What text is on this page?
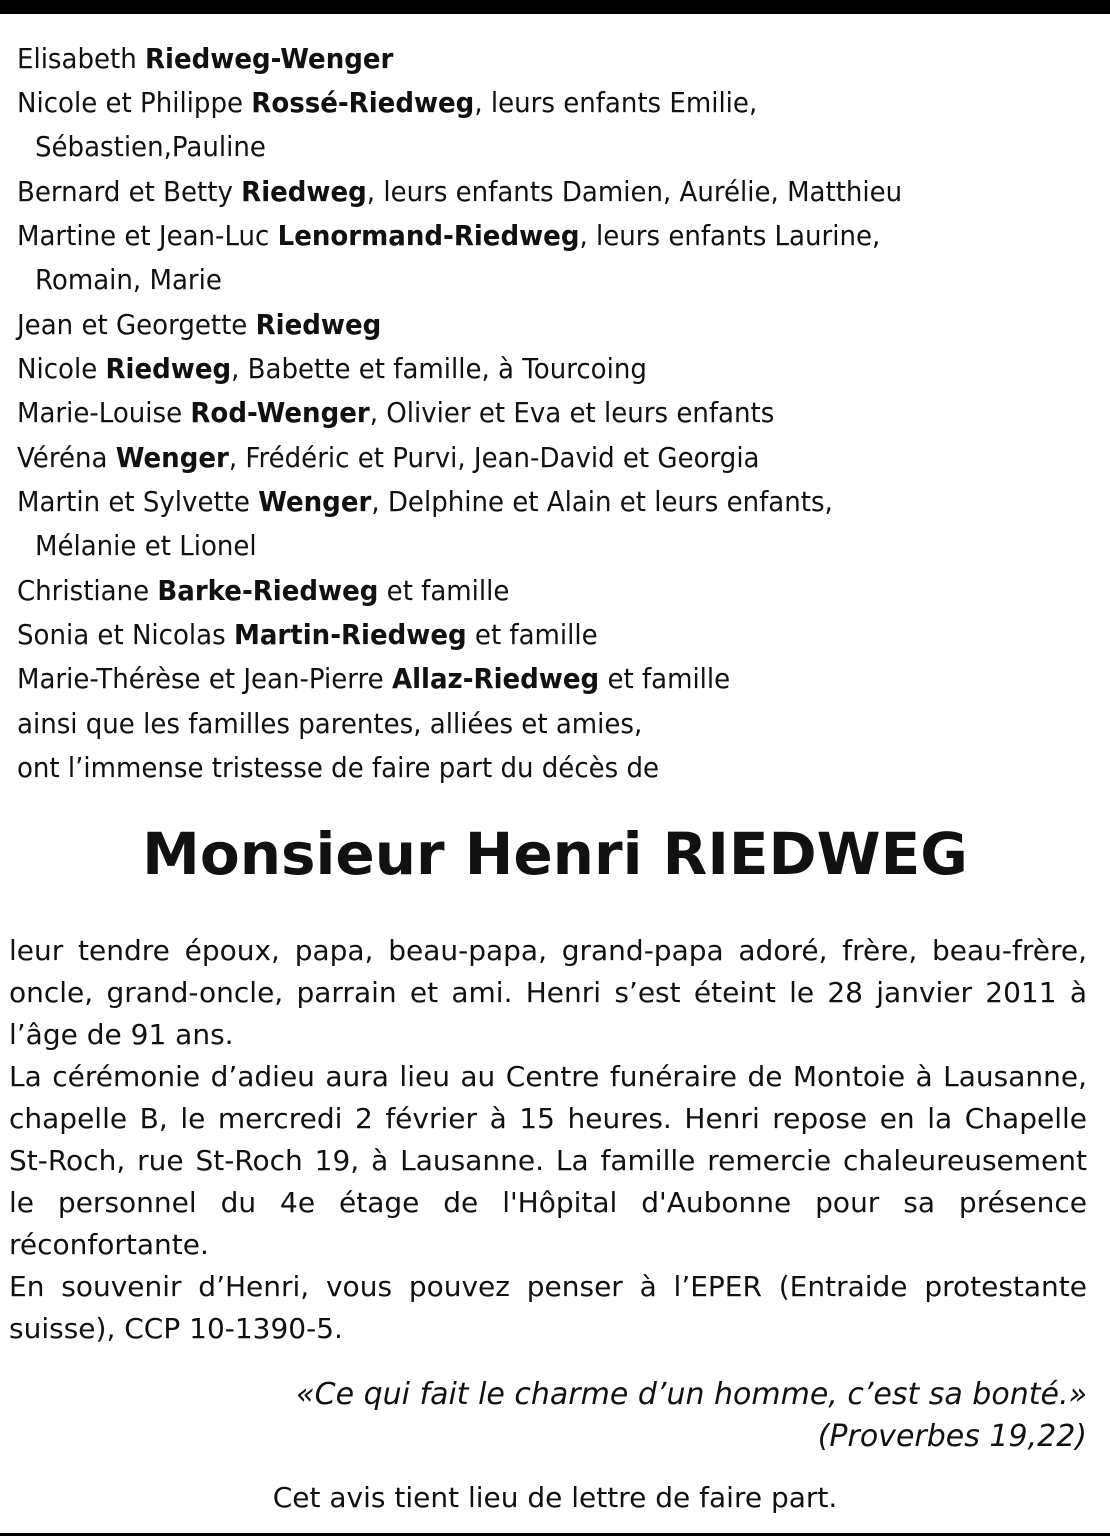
Elisabeth Riedweg-Wenger
Nicole et Philippe Rossé-Riedweg, leurs enfants Emilie,
Sébastien,Pauline
Bernard et Betty Riedweg, leurs enfants Damien, Aurélie, Matthieu
Martine et Jean-Luc Lenormand-Riedweg, leurs enfants Laurine,
Romain, Marie
Jean et Georgette Riedweg
Nicole Riedweg, Babette et famille, à Tourcoing
Marie-Louise Rod-Wenger, Olivier et Eva et leurs enfants
Véréna Wenger, Frédéric et Purvi, Jean-David et Georgia
Martin et Sylvette Wenger, Delphine et Alain et leurs enfants,
Mélanie et Lionel
Christiane Barke-Riedweg et famille
Sonia et Nicolas Martin-Riedweg et famille
Marie-Thérèse et Jean-Pierre Allaz-Riedweg et famille
ainsi que les familles parentes, alliées et amies,
ont l’immense tristesse de faire part du décès de
Monsieur Henri RIEDWEG

leur tendre époux, papa, beau-papa, grand-papa adoré, frère, beau-frère, oncle, grand-oncle, parrain et ami. Henri s’est éteint le 28 janvier 2011 à l’âge de 91 ans.

La cérémonie d’adieu aura lieu au Centre funéraire de Montoie à Lausanne, chapelle B, le mercredi 2 février à 15 heures. Henri repose en la Chapelle St-Roch, rue St-Roch 19, à Lausanne. La famille remercie chaleureusement le personnel du 4e étage de l'Hôpital d'Aubonne pour sa présence réconfortante.

En souvenir d’Henri, vous pouvez penser à l’EPER (Entraide protestante suisse), CCP 10-1390-5.

«Ce qui fait le charme d’un homme, c’est sa bonté.»
(Proverbes 19,22)
Cet avis tient lieu de lettre de faire part.
